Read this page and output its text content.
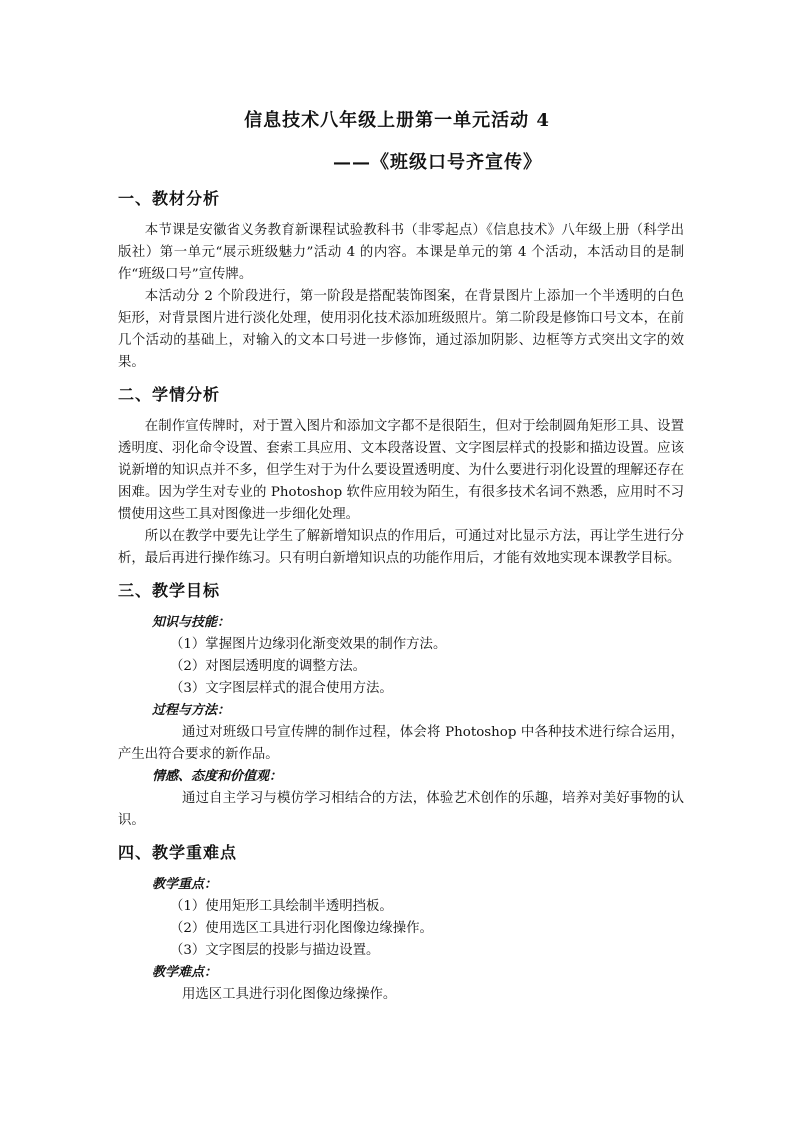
信息技术八年级上册第一单元活动 4
——《班级口号齐宣传》
一、教材分析

本节课是安徽省义务教育新课程试验教科书（非零起点）《信息技术》八年级上册（科学出版社）第一单元“展示班级魅力”活动 4 的内容。本课是单元的第 4 个活动，本活动目的是制作“班级口号”宣传牌。

本活动分 2 个阶段进行，第一阶段是搭配装饰图案，在背景图片上添加一个半透明的白色矩形，对背景图片进行淡化处理，使用羽化技术添加班级照片。第二阶段是修饰口号文本，在前几个活动的基础上，对输入的文本口号进一步修饰，通过添加阴影、边框等方式突出文字的效果。

二、学情分析

在制作宣传牌时，对于置入图片和添加文字都不是很陌生，但对于绘制圆角矩形工具、设置透明度、羽化命令设置、套索工具应用、文本段落设置、文字图层样式的投影和描边设置。应该说新增的知识点并不多，但学生对于为什么要设置透明度、为什么要进行羽化设置的理解还存在困难。因为学生对专业的 Photoshop 软件应用较为陌生，有很多技术名词不熟悉，应用时不习惯使用这些工具对图像进一步细化处理。

所以在教学中要先让学生了解新增知识点的作用后，可通过对比显示方法，再让学生进行分析，最后再进行操作练习。只有明白新增知识点的功能作用后，才能有效地实现本课教学目标。

三、教学目标
知识与技能：
（1）掌握图片边缘羽化渐变效果的制作方法。
（2）对图层透明度的调整方法。
（3）文字图层样式的混合使用方法。
过程与方法：

通过对班级口号宣传牌的制作过程，体会将 Photoshop 中各种技术进行综合运用，产生出符合要求的新作品。

情感、态度和价值观：

通过自主学习与模仿学习相结合的方法，体验艺术创作的乐趣，培养对美好事物的认识。

四、教学重难点
教学重点：
（1）使用矩形工具绘制半透明挡板。
（2）使用选区工具进行羽化图像边缘操作。
（3）文字图层的投影与描边设置。
教学难点：

用选区工具进行羽化图像边缘操作。
